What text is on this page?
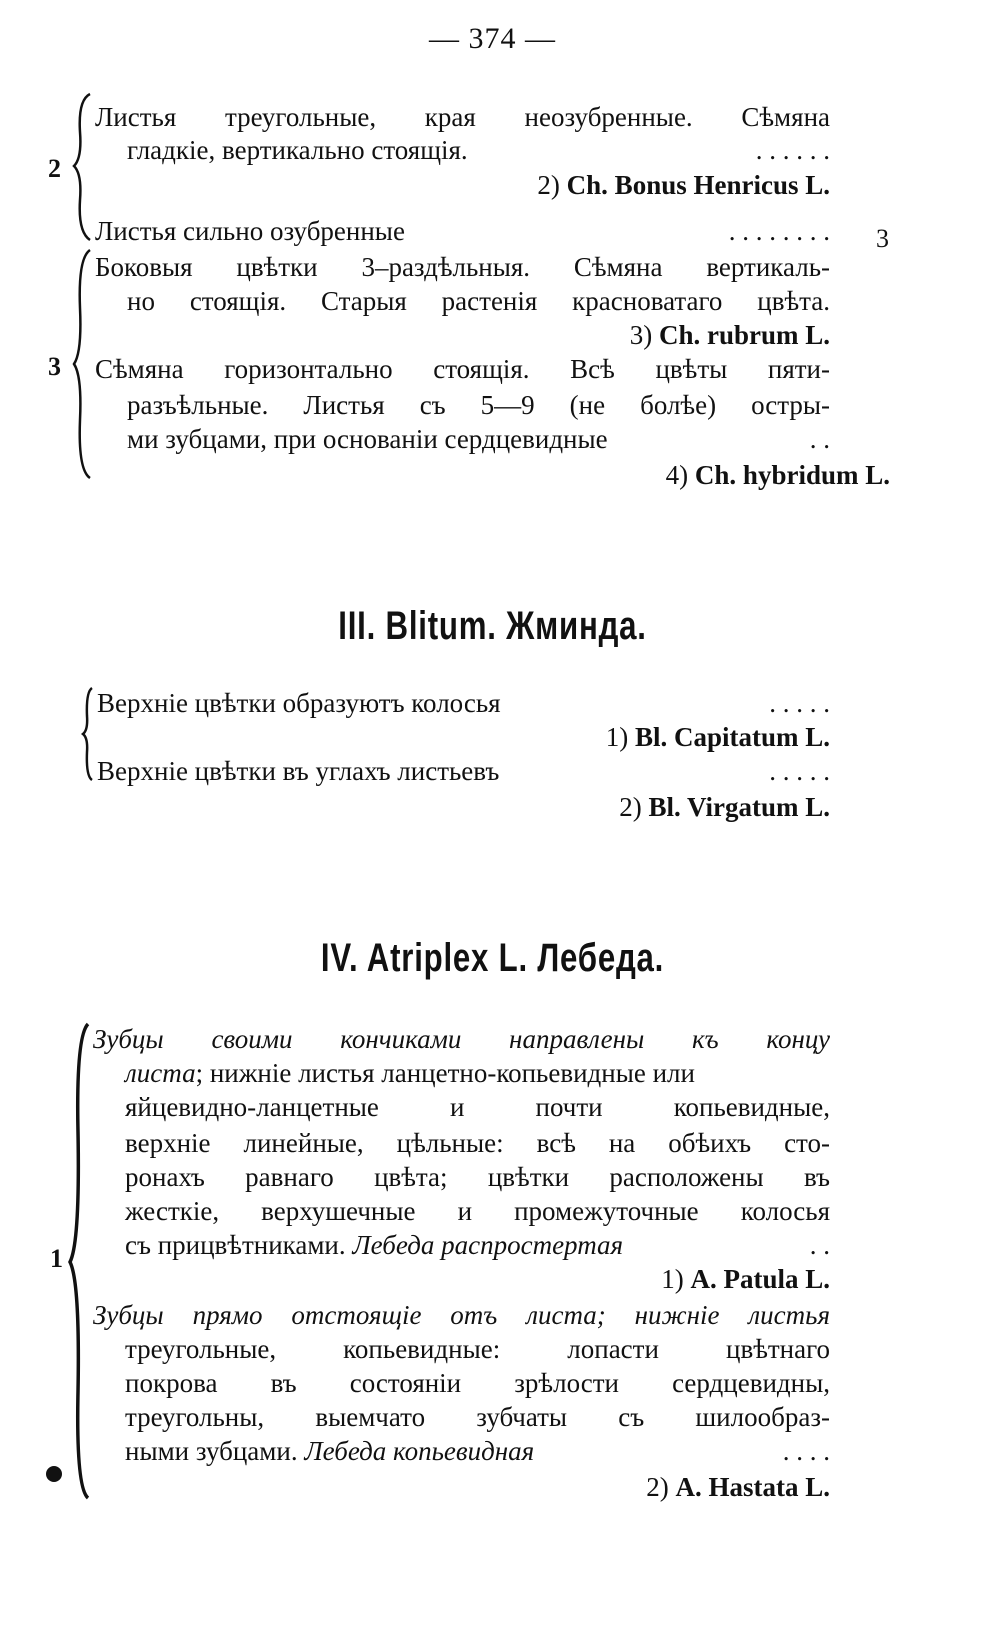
— 374 —
2
Листья треугольные, края неозубренные. Сѣмяна
гладкіе, вертикально стоящія.	. . . . . .
2) Ch. Bonus Henricus L.
Листья сильно озубренные	. . . . . . . . 3
3
Боковыя цвѣтки 3–раздѣльныя. Сѣмяна вертикаль-
но стоящія. Старыя растенія красноватаго цвѣта.
3) Ch. rubrum L.
Сѣмяна горизонтально стоящія. Всѣ цвѣты пяти-
разъѣльные. Листья съ 5—9 (не болѣе) остры-
ми зубцами, при основаніи сердцевидные	. .
4) Ch. hybridum L.
III. Blitum. Жминда.
Верхніе цвѣтки образуютъ колосья	. . . . .
1) Bl. Capitatum L.
Верхніе цвѣтки въ углахъ листьевъ	. . . . .
2) Bl. Virgatum L.
IV. Atriplex L. Лебеда.
1
Зубцы своими кончиками направлены къ концу
листа; нижніе листья ланцетно-копьевидные или
яйцевидно-ланцетные и почти копьевидные,
верхніе линейные, цѣльные: всѣ на обѣихъ сто-
ронахъ равнаго цвѣта; цвѣтки расположены въ
жесткіе, верхушечные и промежуточные колосья
съ прицвѣтниками. Лебеда распростертая	. .
1) A. Patula L.
Зубцы прямо отстоящіе отъ листа; нижніе листья
треугольные, копьевидные: лопасти цвѣтнаго
покрова въ состояніи зрѣлости сердцевидны,
треугольны, выемчато зубчаты съ шилообраз-
ными зубцами. Лебеда копьевидная	. . . .
2) A. Hastata L.
